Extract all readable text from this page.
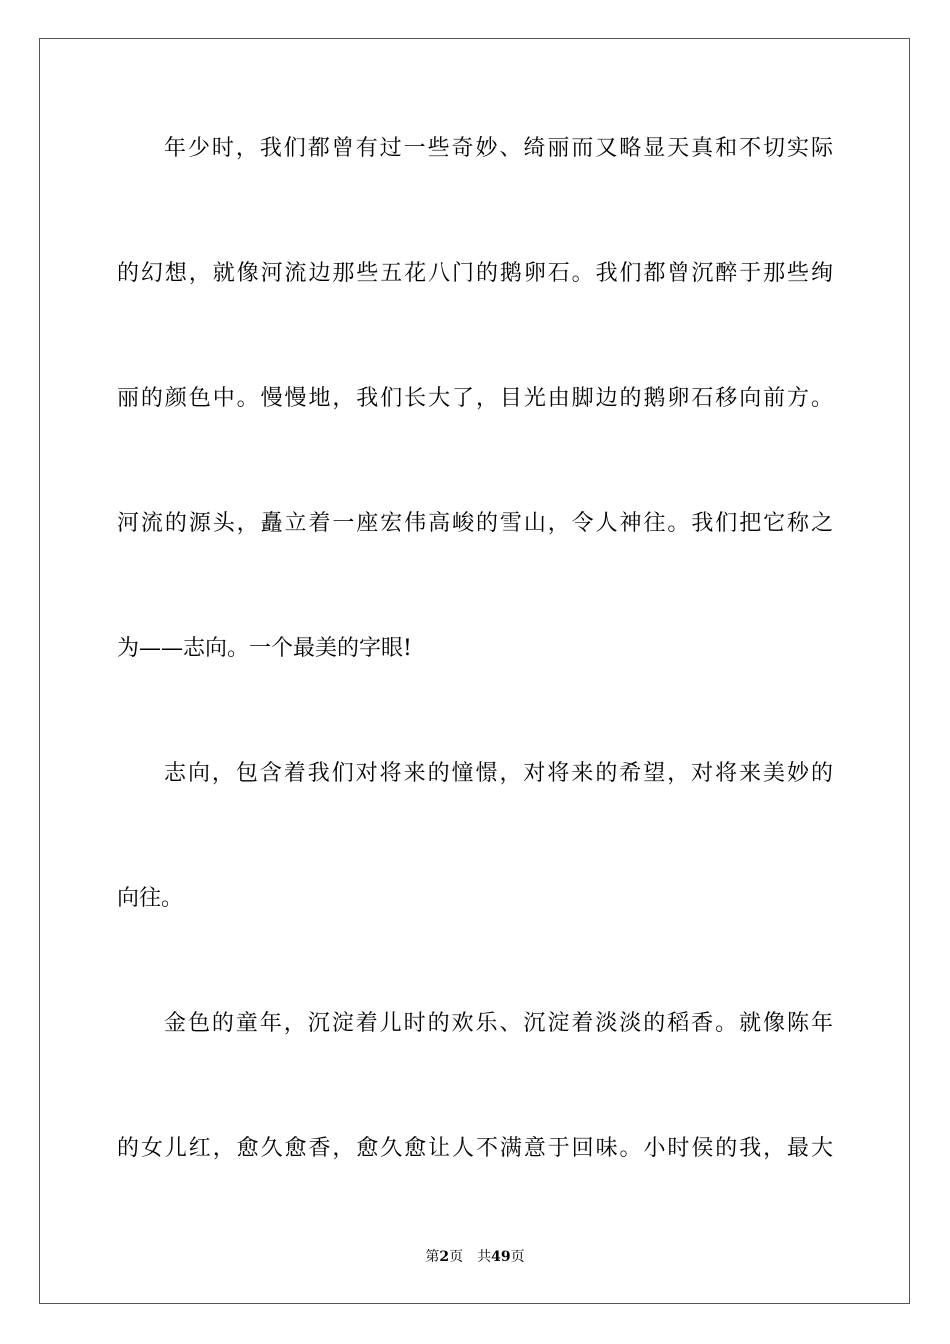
年少时，我们都曾有过一些奇妙、绮丽而又略显天真和不切实际
的幻想，就像河流边那些五花八门的鹅卵石。我们都曾沉醉于那些绚
丽的颜色中。慢慢地，我们长大了，目光由脚边的鹅卵石移向前方。
河流的源头，矗立着一座宏伟高峻的雪山，令人神往。我们把它称之
为——志向。一个最美的字眼!
志向，包含着我们对将来的憧憬，对将来的希望，对将来美妙的
向往。
金色的童年，沉淀着儿时的欢乐、沉淀着淡淡的稻香。就像陈年
的女儿红，愈久愈香，愈久愈让人不满意于回味。小时侯的我，最大
第2页 共49页
